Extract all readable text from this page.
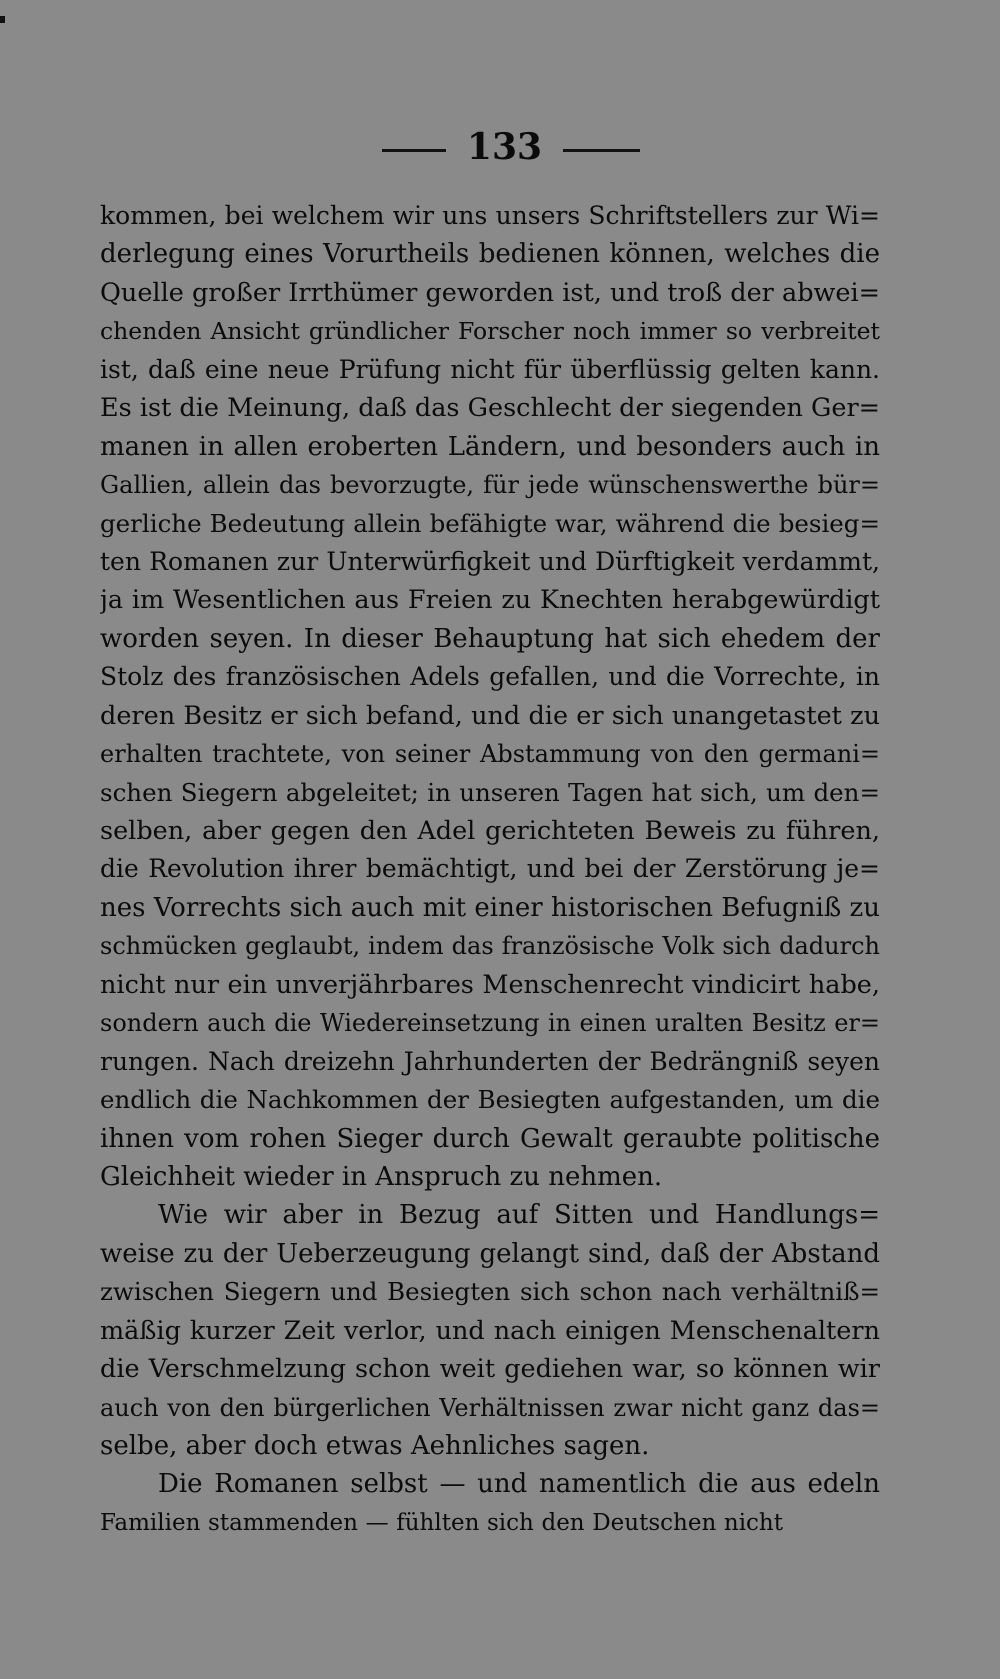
133
kommen, bei welchem wir uns unsers Schriftstellers zur Wi=
derlegung eines Vorurtheils bedienen können, welches die
Quelle großer Irrthümer geworden ist, und troß der abwei=
chenden Ansicht gründlicher Forscher noch immer so verbreitet
ist, daß eine neue Prüfung nicht für überflüssig gelten kann.
Es ist die Meinung, daß das Geschlecht der siegenden Ger=
manen in allen eroberten Ländern, und besonders auch in
Gallien, allein das bevorzugte, für jede wünschenswerthe bür=
gerliche Bedeutung allein befähigte war, während die besieg=
ten Romanen zur Unterwürfigkeit und Dürftigkeit verdammt,
ja im Wesentlichen aus Freien zu Knechten herabgewürdigt
worden seyen. In dieser Behauptung hat sich ehedem der
Stolz des französischen Adels gefallen, und die Vorrechte, in
deren Besitz er sich befand, und die er sich unangetastet zu
erhalten trachtete, von seiner Abstammung von den germani=
schen Siegern abgeleitet; in unseren Tagen hat sich, um den=
selben, aber gegen den Adel gerichteten Beweis zu führen,
die Revolution ihrer bemächtigt, und bei der Zerstörung je=
nes Vorrechts sich auch mit einer historischen Befugniß zu
schmücken geglaubt, indem das französische Volk sich dadurch
nicht nur ein unverjährbares Menschenrecht vindicirt habe,
sondern auch die Wiedereinsetzung in einen uralten Besitz er=
rungen. Nach dreizehn Jahrhunderten der Bedrängniß seyen
endlich die Nachkommen der Besiegten aufgestanden, um die
ihnen vom rohen Sieger durch Gewalt geraubte politische
Gleichheit wieder in Anspruch zu nehmen.
Wie wir aber in Bezug auf Sitten und Handlungs=
weise zu der Ueberzeugung gelangt sind, daß der Abstand
zwischen Siegern und Besiegten sich schon nach verhältniß=
mäßig kurzer Zeit verlor, und nach einigen Menschenaltern
die Verschmelzung schon weit gediehen war, so können wir
auch von den bürgerlichen Verhältnissen zwar nicht ganz das=
selbe, aber doch etwas Aehnliches sagen.
Die Romanen selbst — und namentlich die aus edeln
Familien stammenden — fühlten sich den Deutschen nicht
